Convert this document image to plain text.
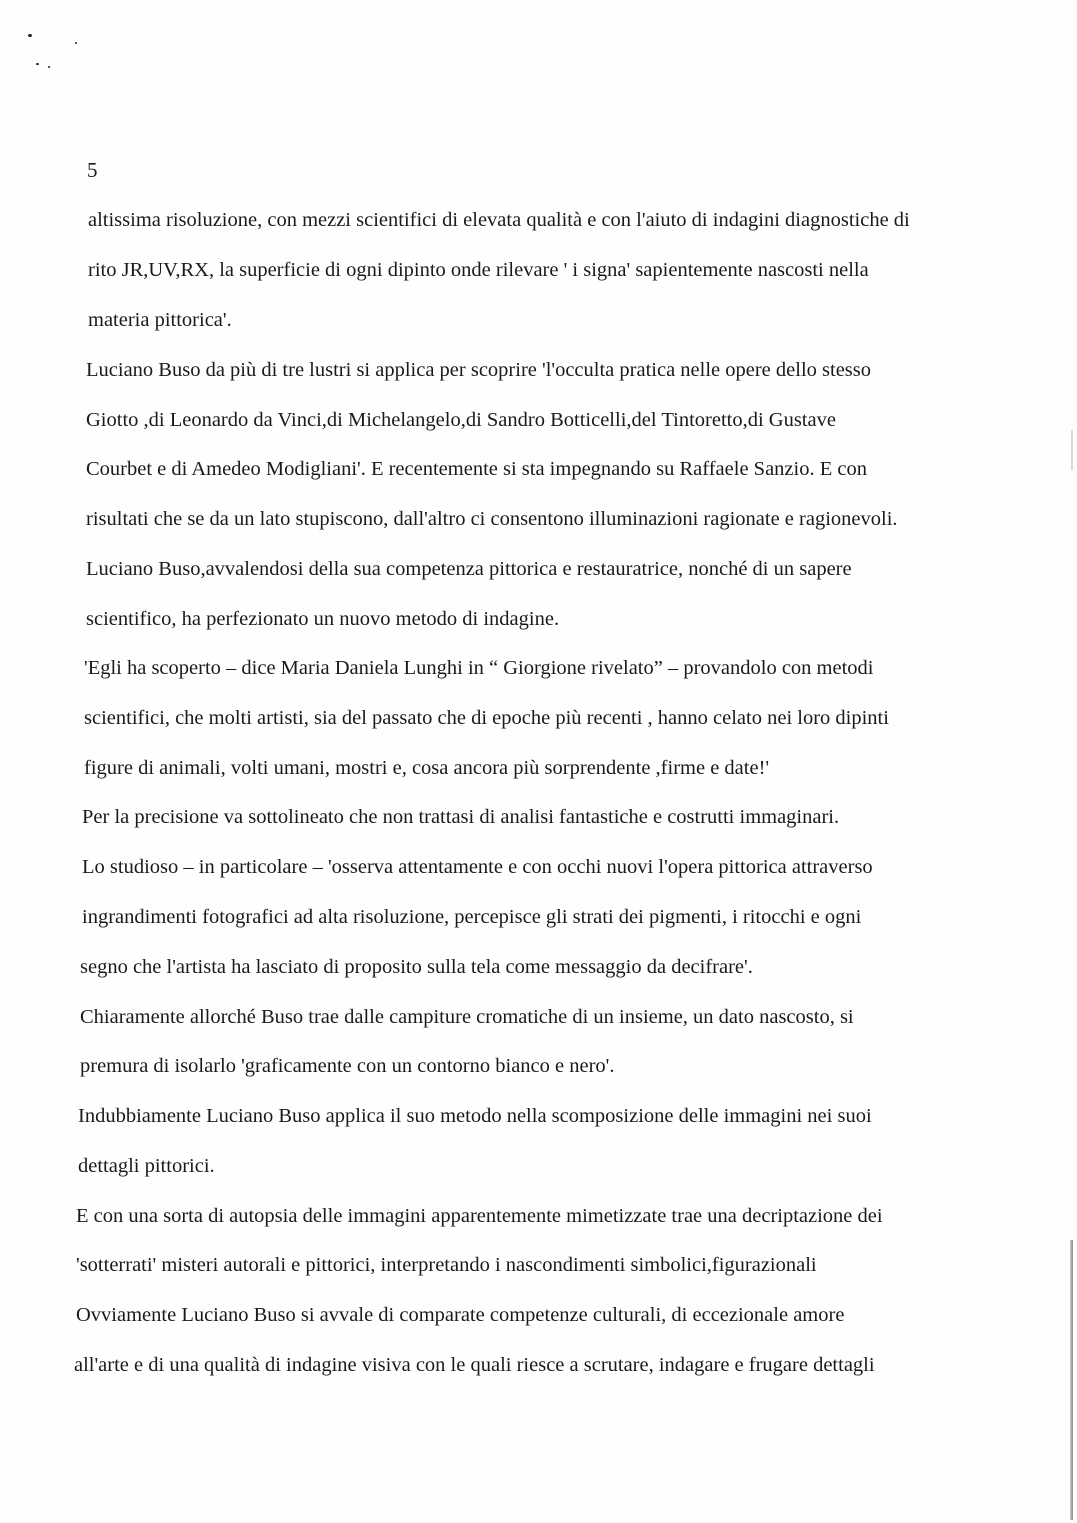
5
altissima risoluzione, con mezzi scientifici di elevata qualità e con l'aiuto di indagini diagnostiche di
rito JR,UV,RX, la superficie di ogni dipinto onde rilevare ' i signa' sapientemente nascosti nella
materia pittorica'.
Luciano Buso da più di tre lustri si applica per scoprire 'l'occulta pratica nelle opere dello stesso
Giotto ,di Leonardo da Vinci,di Michelangelo,di Sandro Botticelli,del Tintoretto,di Gustave
Courbet e di Amedeo Modigliani'. E recentemente si sta impegnando su Raffaele Sanzio. E con
risultati che se da un lato stupiscono, dall'altro ci consentono illuminazioni ragionate e ragionevoli.
Luciano Buso,avvalendosi della sua competenza pittorica e restauratrice, nonché di un sapere
scientifico, ha perfezionato un nuovo metodo di indagine.
'Egli ha scoperto – dice Maria Daniela Lunghi in “ Giorgione rivelato” – provandolo con metodi
scientifici, che molti artisti, sia del passato che di epoche più recenti , hanno celato nei loro dipinti
figure di animali, volti umani, mostri e, cosa ancora più sorprendente ,firme e date!'
Per la precisione va sottolineato che non trattasi di analisi fantastiche e costrutti immaginari.
Lo studioso – in particolare – 'osserva attentamente e con occhi nuovi l'opera pittorica attraverso
ingrandimenti fotografici ad alta risoluzione, percepisce gli strati dei pigmenti, i ritocchi e ogni
segno che l'artista ha lasciato di proposito sulla tela come messaggio da decifrare'.
Chiaramente allorché Buso trae dalle campiture cromatiche di un insieme, un dato nascosto, si
premura di isolarlo 'graficamente con un contorno bianco e nero'.
Indubbiamente Luciano Buso applica il suo metodo nella scomposizione delle immagini nei suoi
dettagli pittorici.
E con una sorta di autopsia delle immagini apparentemente mimetizzate trae una decriptazione dei
'sotterrati' misteri autorali e pittorici, interpretando i nascondimenti simbolici,figurazionali
Ovviamente Luciano Buso si avvale di comparate competenze culturali, di eccezionale amore
all'arte e di una qualità di indagine visiva con le quali riesce a scrutare, indagare e frugare dettagli
